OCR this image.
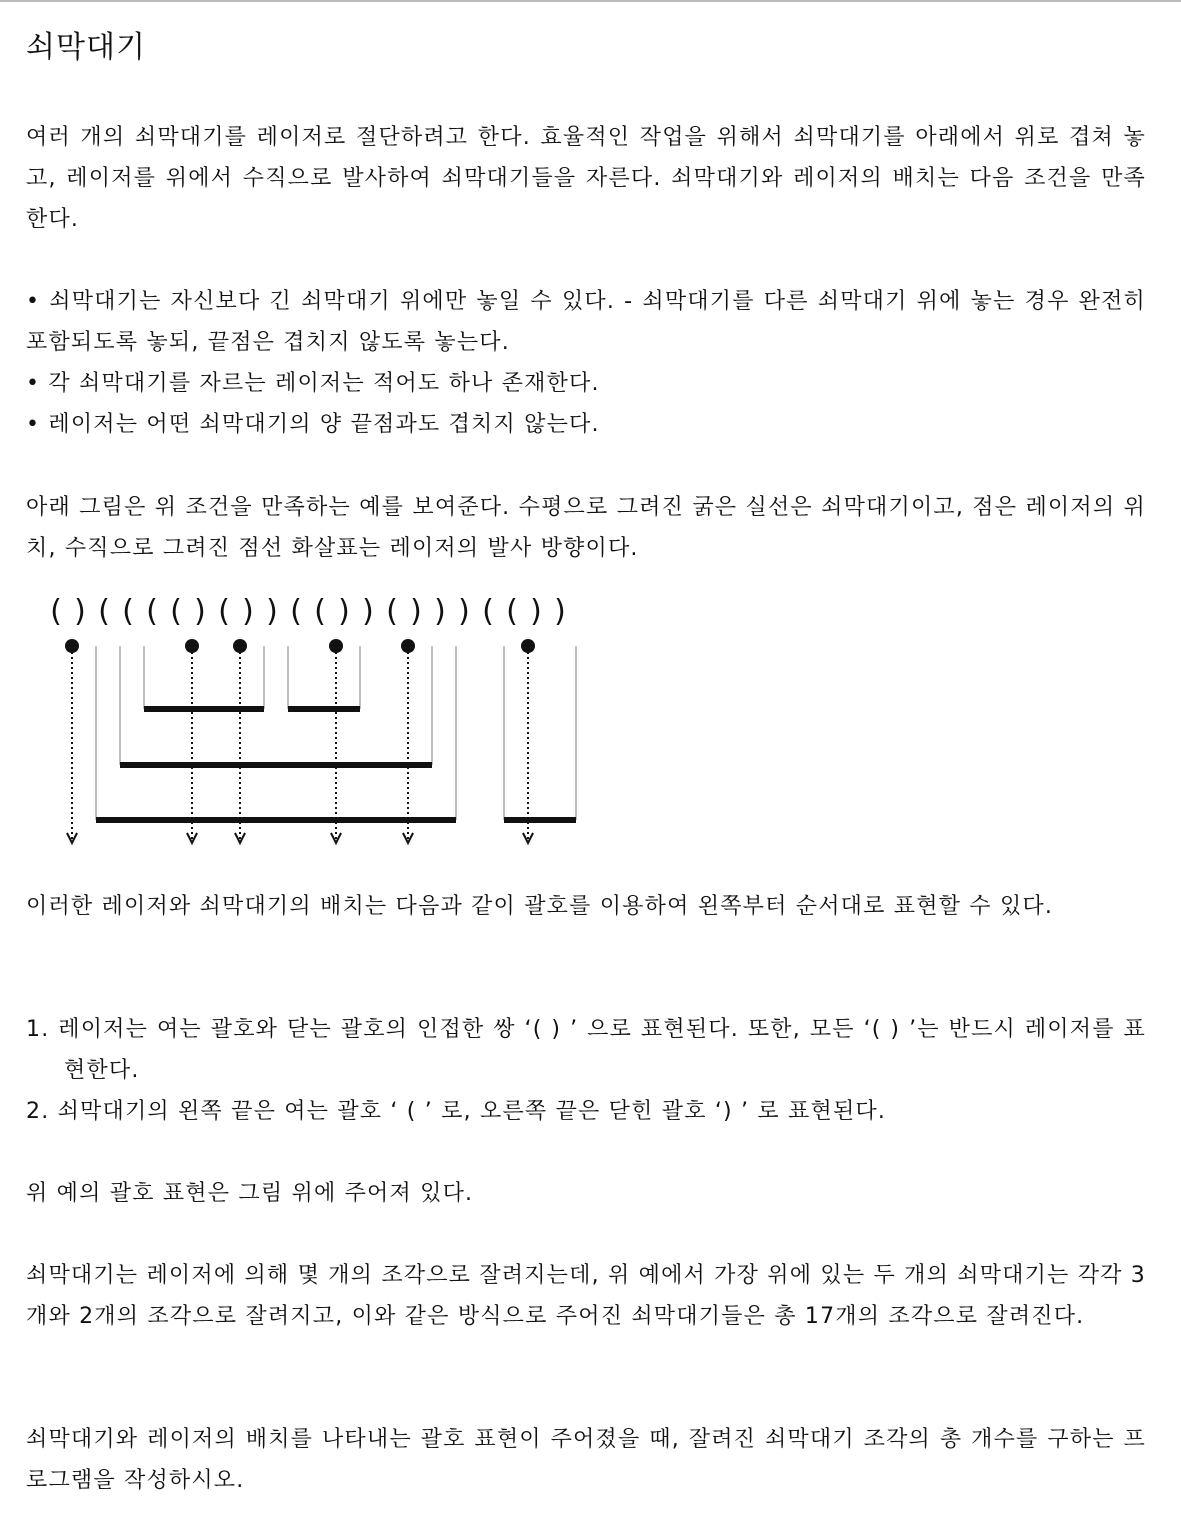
쇠막대기

여러 개의 쇠막대기를 레이저로 절단하려고 한다. 효율적인 작업을 위해서 쇠막대기를 아래에서 위로 겹쳐 놓고, 레이저를 위에서 수직으로 발사하여 쇠막대기들을 자른다. 쇠막대기와 레이저의 배치는 다음 조건을 만족한다.

• 쇠막대기는 자신보다 긴 쇠막대기 위에만 놓일 수 있다. - 쇠막대기를 다른 쇠막대기 위에 놓는 경우 완전히 포함되도록 놓되, 끝점은 겹치지 않도록 놓는다.
• 각 쇠막대기를 자르는 레이저는 적어도 하나 존재한다.
• 레이저는 어떤 쇠막대기의 양 끝점과도 겹치지 않는다.

아래 그림은 위 조건을 만족하는 예를 보여준다. 수평으로 그려진 굵은 실선은 쇠막대기이고, 점은 레이저의 위치, 수직으로 그려진 점선 화살표는 레이저의 발사 방향이다.

이러한 레이저와 쇠막대기의 배치는 다음과 같이 괄호를 이용하여 왼쪽부터 순서대로 표현할 수 있다.

1. 레이저는 여는 괄호와 닫는 괄호의 인접한 쌍 ‘( ) ’ 으로 표현된다. 또한, 모든 ‘( ) ’는 반드시 레이저를 표현한다.
2. 쇠막대기의 왼쪽 끝은 여는 괄호 ‘ ( ’ 로, 오른쪽 끝은 닫힌 괄호 ‘) ’ 로 표현된다.

위 예의 괄호 표현은 그림 위에 주어져 있다.

쇠막대기는 레이저에 의해 몇 개의 조각으로 잘려지는데, 위 예에서 가장 위에 있는 두 개의 쇠막대기는 각각 3개와 2개의 조각으로 잘려지고, 이와 같은 방식으로 주어진 쇠막대기들은 총 17개의 조각으로 잘려진다.

쇠막대기와 레이저의 배치를 나타내는 괄호 표현이 주어졌을 때, 잘려진 쇠막대기 조각의 총 개수를 구하는 프로그램을 작성하시오.

( ) ( ( ( ( ) ( ) ) ( ( ) ) ( ) ) ) ( ( ) )
